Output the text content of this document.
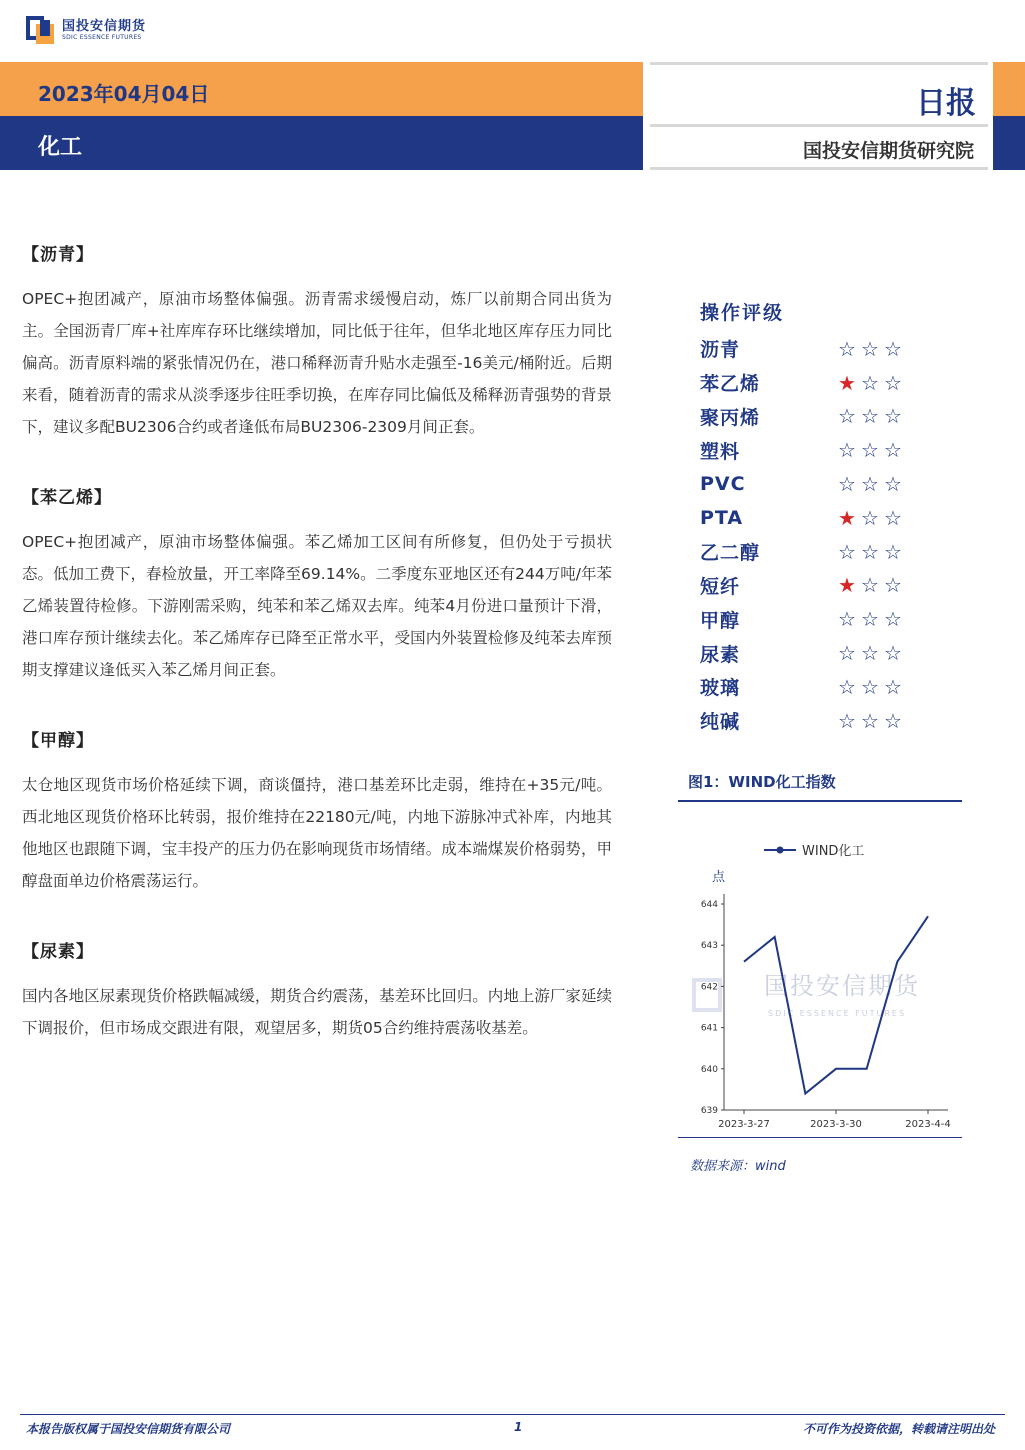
国投安信期货
SDIC ESSENCE FUTURES
2023年04月04日
化工
日报
国投安信期货研究院
【沥青】
OPEC+抱团减产，原油市场整体偏强。沥青需求缓慢启动，炼厂以前期合同出货为主。全国沥青厂库+社库库存环比继续增加，同比低于往年，但华北地区库存压力同比偏高。沥青原料端的紧张情况仍在，港口稀释沥青升贴水走强至-16美元/桶附近。后期来看，随着沥青的需求从淡季逐步往旺季切换，在库存同比偏低及稀释沥青强势的背景下，建议多配BU2306合约或者逢低布局BU2306-2309月间正套。
【苯乙烯】
OPEC+抱团减产，原油市场整体偏强。苯乙烯加工区间有所修复，但仍处于亏损状态。低加工费下，春检放量，开工率降至69.14%。二季度东亚地区还有244万吨/年苯乙烯装置待检修。下游刚需采购，纯苯和苯乙烯双去库。纯苯4月份进口量预计下滑，港口库存预计继续去化。苯乙烯库存已降至正常水平，受国内外装置检修及纯苯去库预期支撑建议逢低买入苯乙烯月间正套。
【甲醇】
太仓地区现货市场价格延续下调，商谈僵持，港口基差环比走弱，维持在+35元/吨。西北地区现货价格环比转弱，报价维持在22180元/吨，内地下游脉冲式补库，内地其他地区也跟随下调，宝丰投产的压力仍在影响现货市场情绪。成本端煤炭价格弱势，甲醇盘面单边价格震荡运行。
【尿素】
国内各地区尿素现货价格跌幅减缓，期货合约震荡，基差环比回归。内地上游厂家延续下调报价，但市场成交跟进有限，观望居多，期货05合约维持震荡收基差。
操作评级
沥青	☆ ☆ ☆
苯乙烯	★ ☆ ☆
聚丙烯	☆ ☆ ☆
塑料	☆ ☆ ☆
PVC	☆ ☆ ☆
PTA	★ ☆ ☆
乙二醇	☆ ☆ ☆
短纤	★ ☆ ☆
甲醇	☆ ☆ ☆
尿素	☆ ☆ ☆
玻璃	☆ ☆ ☆
纯碱	☆ ☆ ☆
图1：WIND化工指数
国投安信期货
SDIC ESSENCE FUTURES
WIND化工
点
639
640
641
642
643
644
2023-3-27	2023-3-30	2023-4-4
数据来源：wind
本报告版权属于国投安信期货有限公司	1	不可作为投资依据，转载请注明出处
